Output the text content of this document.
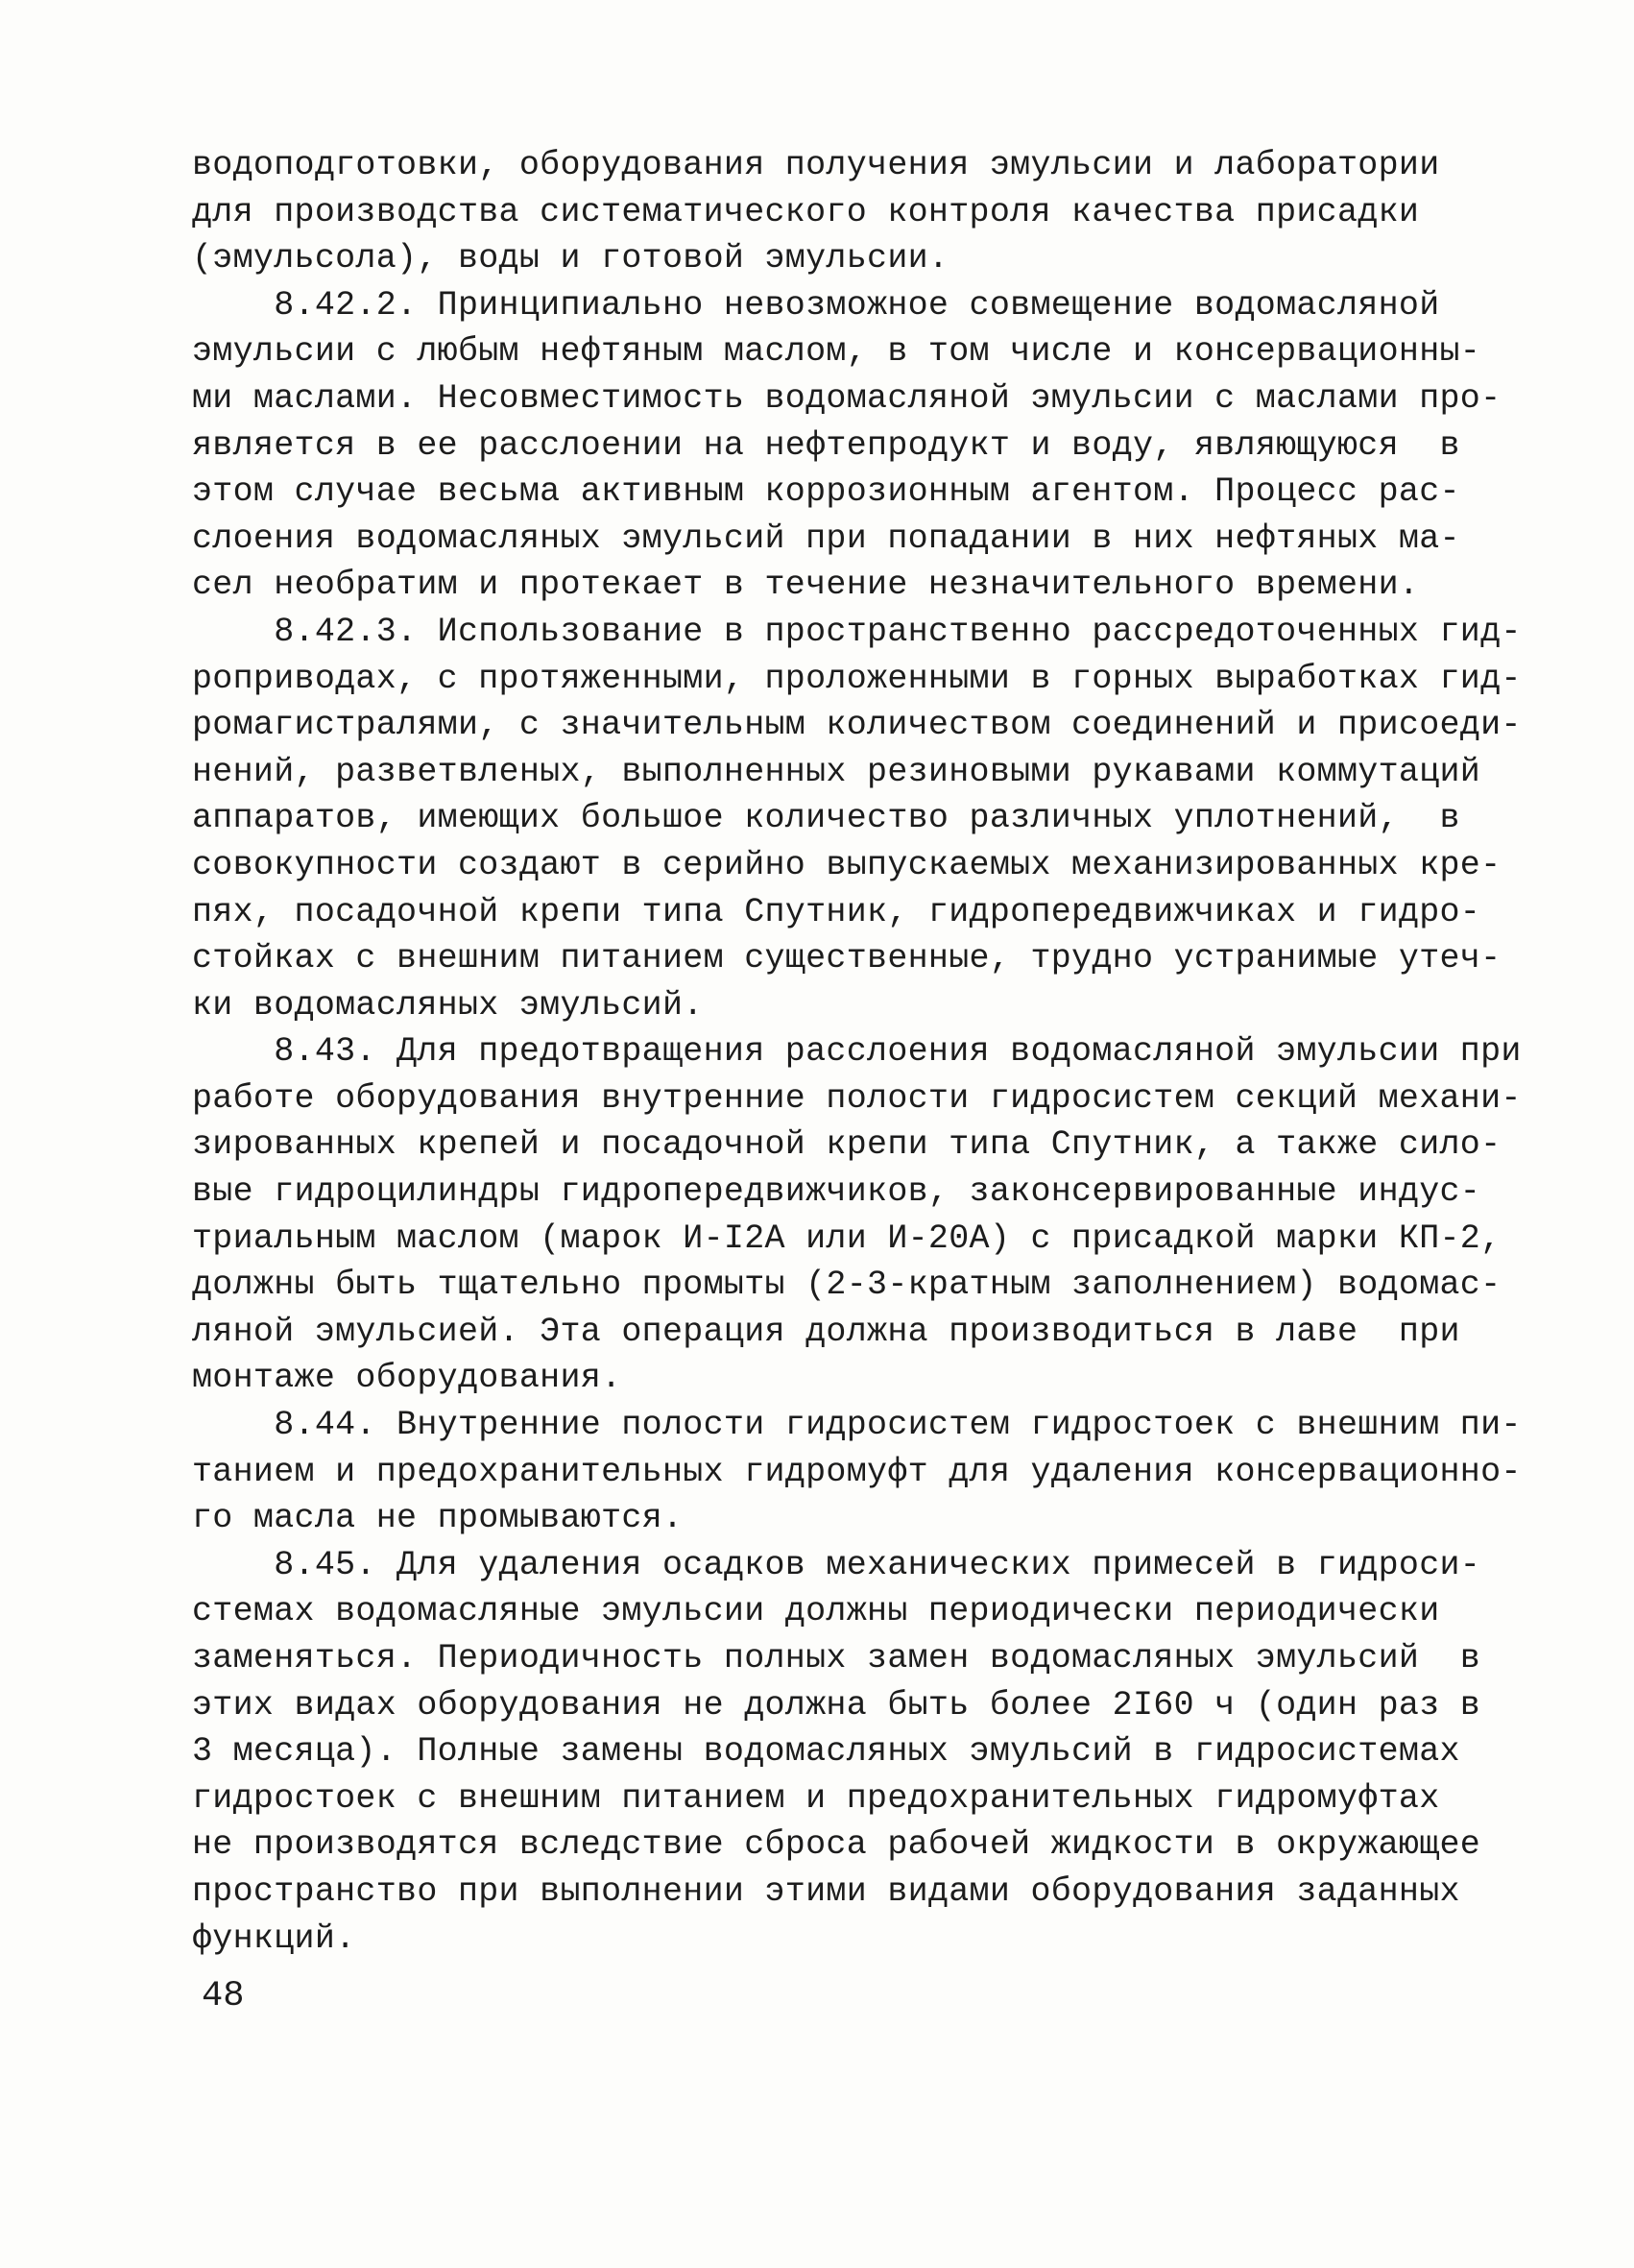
водоподготовки, оборудования получения эмульсии и лаборатории
для производства систематического контроля качества присадки
(эмульсола), воды и готовой эмульсии.
8.42.2. Принципиально невозможное совмещение водомасляной
эмульсии с любым нефтяным маслом, в том числе и консервационны-
ми маслами. Несовместимость водомасляной эмульсии с маслами про-
является в ее расслоении на нефтепродукт и воду, являющуюся  в
этом случае весьма активным коррозионным агентом. Процесс рас-
слоения водомасляных эмульсий при попадании в них нефтяных ма-
сел необратим и протекает в течение незначительного времени.
8.42.3. Использование в пространственно рассредоточенных гид-
роприводах, с протяженными, проложенными в горных выработках гид-
ромагистралями, с значительным количеством соединений и присоеди-
нений, разветвленых, выполненных резиновыми рукавами коммутаций
аппаратов, имеющих большое количество различных уплотнений,  в
совокупности создают в серийно выпускаемых механизированных кре-
пях, посадочной крепи типа Спутник, гидропередвижчиках и гидро-
стойках с внешним питанием существенные, трудно устранимые утеч-
ки водомасляных эмульсий.
8.43. Для предотвращения расслоения водомасляной эмульсии при
работе оборудования внутренние полости гидросистем секций механи-
зированных крепей и посадочной крепи типа Спутник, а также сило-
вые гидроцилиндры гидропередвижчиков, законсервированные индус-
триальным маслом (марок И-I2А или И-20А) с присадкой марки КП-2,
должны быть тщательно промыты (2-3-кратным заполнением) водомас-
ляной эмульсией. Эта операция должна производиться в лаве  при
монтаже оборудования.
8.44. Внутренние полости гидросистем гидростоек с внешним пи-
танием и предохранительных гидромуфт для удаления консервационно-
го масла не промываются.
8.45. Для удаления осадков механических примесей в гидроси-
стемах водомасляные эмульсии должны периодически периодически
заменяться. Периодичность полных замен водомасляных эмульсий  в
этих видах оборудования не должна быть более 2I60 ч (один раз в
3 месяца). Полные замены водомасляных эмульсий в гидросистемах
гидростоек с внешним питанием и предохранительных гидромуфтах
не производятся вследствие сброса рабочей жидкости в окружающее
пространство при выполнении этими видами оборудования заданных
функций.
48
